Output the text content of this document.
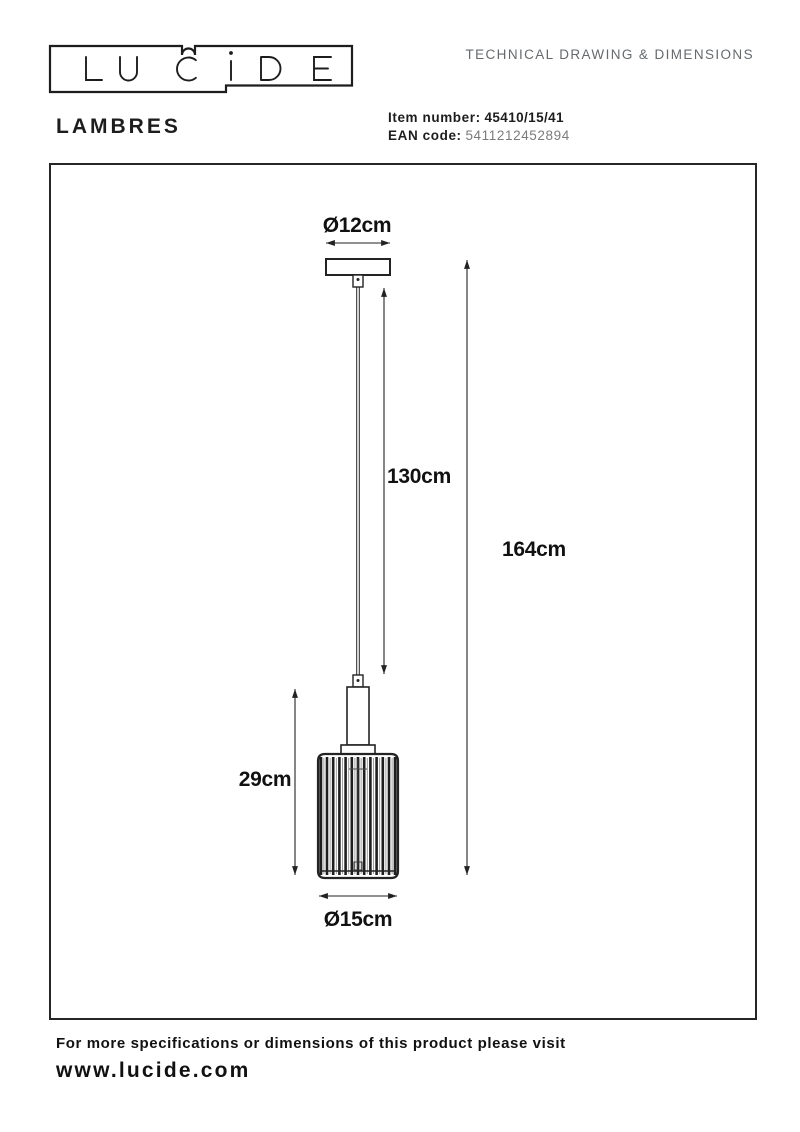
TECHNICAL DRAWING & DIMENSIONS
LAMBRES	Item number: 45410/15/41
EAN code: 5411212452894
Ø12cm
130cm
164cm
29cm
Ø15cm
For more specifications or dimensions of this product please visit
www.lucide.com
